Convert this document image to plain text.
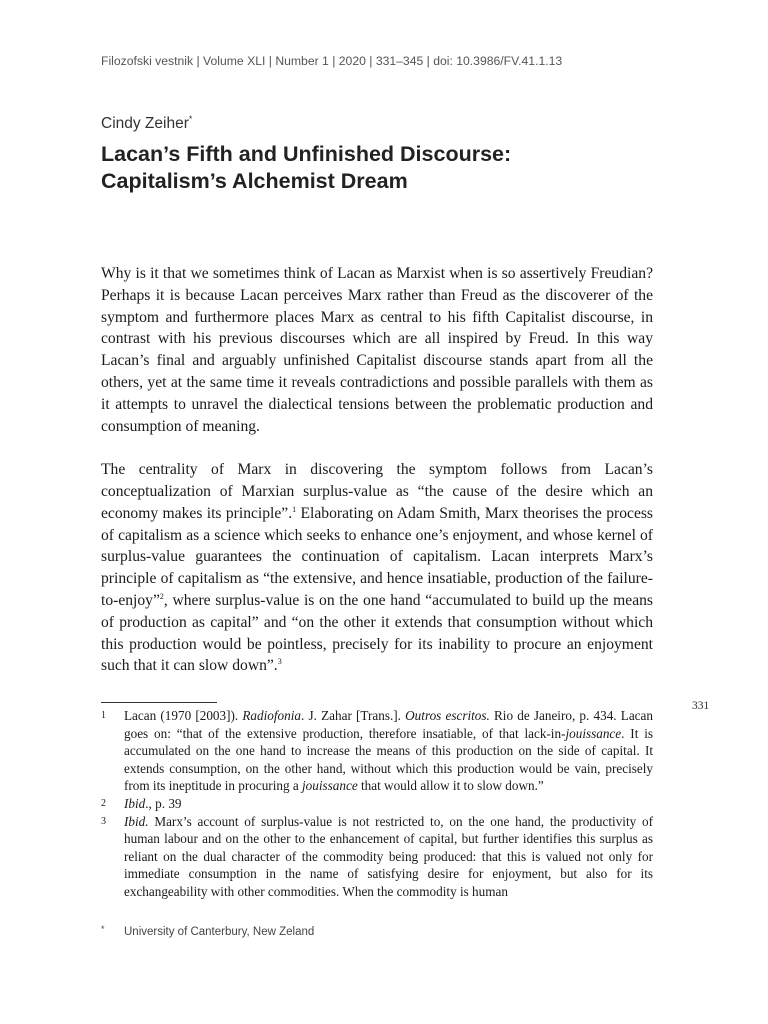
Filozofski vestnik | Volume XLI | Number 1 | 2020 | 331–345 | doi: 10.3986/FV.41.1.13
Cindy Zeiher*
Lacan’s Fifth and Unfinished Discourse:
Capitalism’s Alchemist Dream

Why is it that we sometimes think of Lacan as Marxist when is so assertively Freudian? Perhaps it is because Lacan perceives Marx rather than Freud as the discoverer of the symptom and furthermore places Marx as central to his fifth Capitalist discourse, in contrast with his previous discourses which are all inspired by Freud. In this way Lacan’s final and arguably unfinished Capitalist discourse stands apart from all the others, yet at the same time it reveals contradictions and possible parallels with them as it attempts to unravel the dialectical tensions between the problematic production and consumption of meaning.

The centrality of Marx in discovering the symptom follows from Lacan’s conceptualization of Marxian surplus-value as “the cause of the desire which an economy makes its principle”.$^1$ Elaborating on Adam Smith, Marx theorises the process of capitalism as a science which seeks to enhance one’s enjoyment, and whose kernel of surplus-value guarantees the continuation of capitalism. Lacan interprets Marx’s principle of capitalism as “the extensive, and hence insatiable, production of the failure-to-enjoy”$^2$, where surplus-value is on the one hand “accumulated to build up the means of production as capital” and “on the other it extends that consumption without which this production would be pointless, precisely for its inability to procure an enjoyment such that it can slow down”.$^3$

331
1 Lacan (1970 [2003]). Radiofonia. J. Zahar [Trans.]. Outros escritos. Rio de Janeiro, p. 434. Lacan goes on: “that of the extensive production, therefore insatiable, of that lack-in-jouissance. It is accumulated on the one hand to increase the means of this production on the side of capital. It extends consumption, on the other hand, without which this production would be vain, precisely from its ineptitude in procuring a jouissance that would allow it to slow down.”
2 Ibid., p. 39
3 Ibid. Marx’s account of surplus-value is not restricted to, on the one hand, the productivity of human labour and on the other to the enhancement of capital, but further identifies this surplus as reliant on the dual character of the commodity being produced: that this is valued not only for immediate consumption in the name of satisfying desire for enjoyment, but also for its exchangeability with other commodities. When the commodity is human
* University of Canterbury, New Zeland
